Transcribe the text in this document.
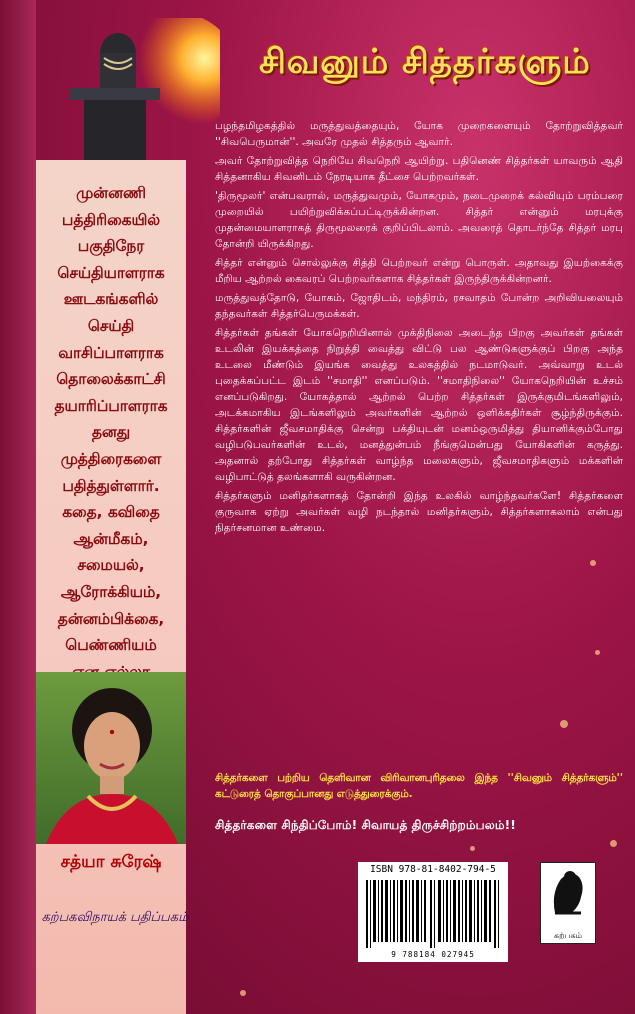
சிவனும் சித்தர்களும்
முன்னணி
பத்திரிகையில்
பகுதிநேர
செய்தியாளராக
ஊடகங்களில்
செய்தி
வாசிப்பாளராக
தொலைக்காட்சி
தயாரிப்பாளராக
தனது
முத்திரைகளை
பதித்துள்ளார்.
கதை, கவிதை
ஆன்மீகம்,
சமையல்,
ஆரோக்கியம்,
தன்னம்பிக்கை,
பெண்ணியம்
சத்யா சுரேஷ்
கற்பகவிநாயக் பதிப்பகம்

பழந்தமிழகத்தில் மருத்துவத்தையும், யோக முறைகளையும் தோற்றுவித்தவர் ''சிவபெருமான்''. அவரே முதல் சித்தரும் ஆவார்.

அவர் தோற்றுவித்த நெறியே சிவநெறி ஆயிற்று. பதினெண் சித்தர்கள் யாவரும் ஆதி சித்தனாகிய சிவனிடம் நேரடியாக தீட்சை பெற்றவர்கள்.

'திருமூலர்' என்பவரால், மருத்துவமும், யோகமும், நடைமுறைக் கல்வியும் பரம்பரை முறையில் பயிற்றுவிக்கப்பட்டிருக்கின்றன. சித்தர் என்னும் மரபுக்கு முதன்மையாளராகத் திருமூலரைக் குறிப்பிடலாம். அவரைத் தொடர்ந்தே சித்தர் மரபு தோன்றி யிருக்கிறது.

சித்தர் என்னும் சொல்லுக்கு சித்தி பெற்றவர் என்று பொருள். அதாவது இயற்கைக்கு மீறிய ஆற்றல் கைவரப் பெற்றவர்களாக சித்தர்கள் இருந்திருக்கின்றனர்.

மருத்துவத்தோடு, யோகம், ஜோதிடம், மந்திரம், ரசவாதம் போன்ற அறிவியலையும் தந்தவர்கள் சித்தர்பெருமக்கள்.

சித்தர்கள் தங்கள் யோகநெறியினால் முக்திநிலை அடைந்த பிறகு அவர்கள் தங்கள் உடலின் இயக்கத்தை நிறுத்தி வைத்து விட்டு பல ஆண்டுகளுக்குப் பிறகு அந்த உடலை மீண்டும் இயங்க வைத்து உலகத்தில் நடமாடுவர். அவ்வாறு உடல் புதைக்கப்பட்ட இடம் ''சமாதி'' எனப்படும். ''சமாதிநிலை'' யோகநெறியின் உச்சம் எனப்படுகிறது. யோகத்தால் ஆற்றல் பெற்ற சித்தர்கள் இருக்குமிடங்களிலும், அடக்கமாகிய இடங்களிலும் அவர்களின் ஆற்றல் ஒளிக்கதிர்கள் சூழ்ந்திருக்கும். சித்தர்களின் ஜீவசமாதிக்கு சென்று பக்தியுடன் மனம்ஒருமித்து தியானிக்கும்போது வழிபடுபவர்களின் உடல், மனத்துன்பம் நீங்குமென்பது யோகிகளின் கருத்து. அதனால் தற்போது சித்தர்கள் வாழ்ந்த மலைகளும், ஜீவசமாதிகளும் மக்களின் வழிபாட்டுத் தலங்களாகி வருகின்றன.

சித்தர்களும் மனிதர்களாகத் தோன்றி இந்த உலகில் வாழ்ந்தவர்களே! சித்தர்களை குருவாக ஏற்று அவர்கள் வழி நடந்தால் மனிதர்களும், சித்தர்களாகலாம் என்பது நிதர்சனமான உண்மை.

சித்தர்களை பற்றிய தெளிவான விரிவானபுரிதலை இந்த ''சிவனும் சித்தர்களும்'' கட்டுரைத் தொகுப்பானது எடுத்துரைக்கும்.
சித்தர்களை சிந்திப்போம்! சிவாயத் திருச்சிற்றம்பலம்!!
ISBN 978-81-8402-794-5
9 788184 027945
கற்பகம்
